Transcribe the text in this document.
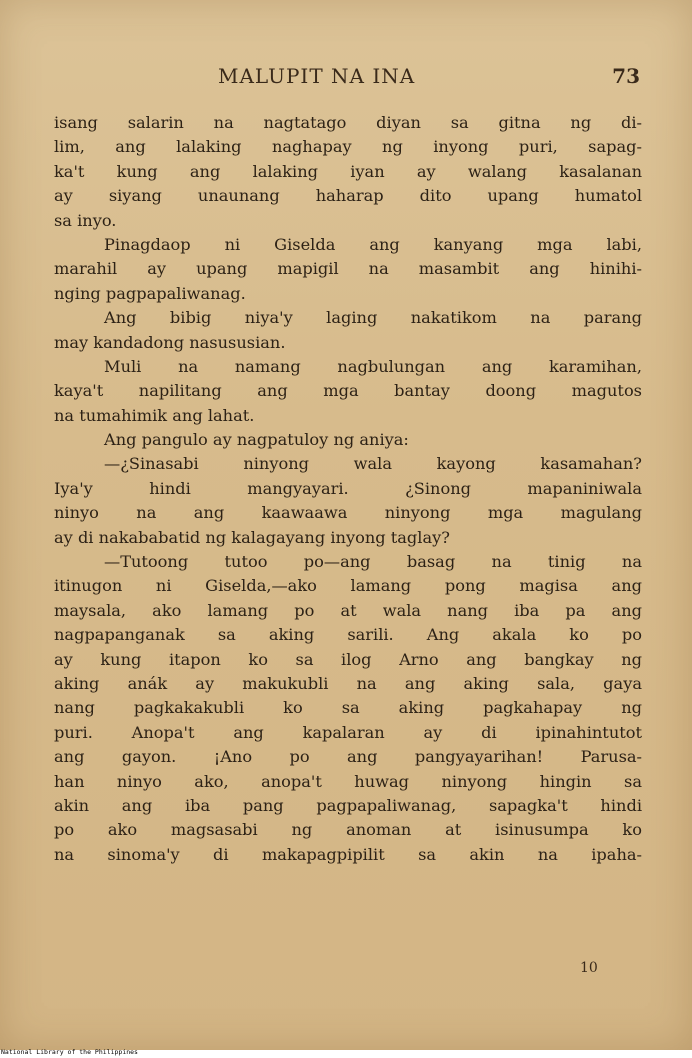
MALUPIT NA INA	73
isang salarin na nagtatago diyan sa gitna ng di-
lim, ang lalaking naghapay ng inyong puri, sapag-
ka't kung ang lalaking iyan ay walang kasalanan
ay siyang unaunang haharap dito upang humatol
sa inyo.
Pinagdaop ni Giselda ang kanyang mga labi,
marahil ay upang mapigil na masambit ang hinihi-
nging pagpapaliwanag.
Ang bibig niya'y laging nakatikom na parang
may kandadong nasususian.
Muli na namang nagbulungan ang karamihan,
kaya't napilitang ang mga bantay doong magutos
na tumahimik ang lahat.
Ang pangulo ay nagpatuloy ng aniya:
—¿Sinasabi ninyong wala kayong kasamahan?
Iya'y hindi mangyayari. ¿Sinong mapaniniwala
ninyo na ang kaawaawa ninyong mga magulang
ay di nakababatid ng kalagayang inyong taglay?
—Tutoong tutoo po—ang basag na tinig na
itinugon ni Giselda,—ako lamang pong magisa ang
maysala, ako lamang po at wala nang iba pa ang
nagpapanganak sa aking sarili. Ang akala ko po
ay kung itapon ko sa ilog Arno ang bangkay ng
aking anák ay makukubli na ang aking sala, gaya
nang pagkakakubli ko sa aking pagkahapay ng
puri. Anopa't ang kapalaran ay di ipinahintutot
ang gayon. ¡Ano po ang pangyayarihan! Parusa-
han ninyo ako, anopa't huwag ninyong hingin sa
akin ang iba pang pagpapaliwanag, sapagka't hindi
po ako magsasabi ng anoman at isinusumpa ko
na sinoma'y di makapagpipilit sa akin na ipaha-
10
National Library of the Philippines
